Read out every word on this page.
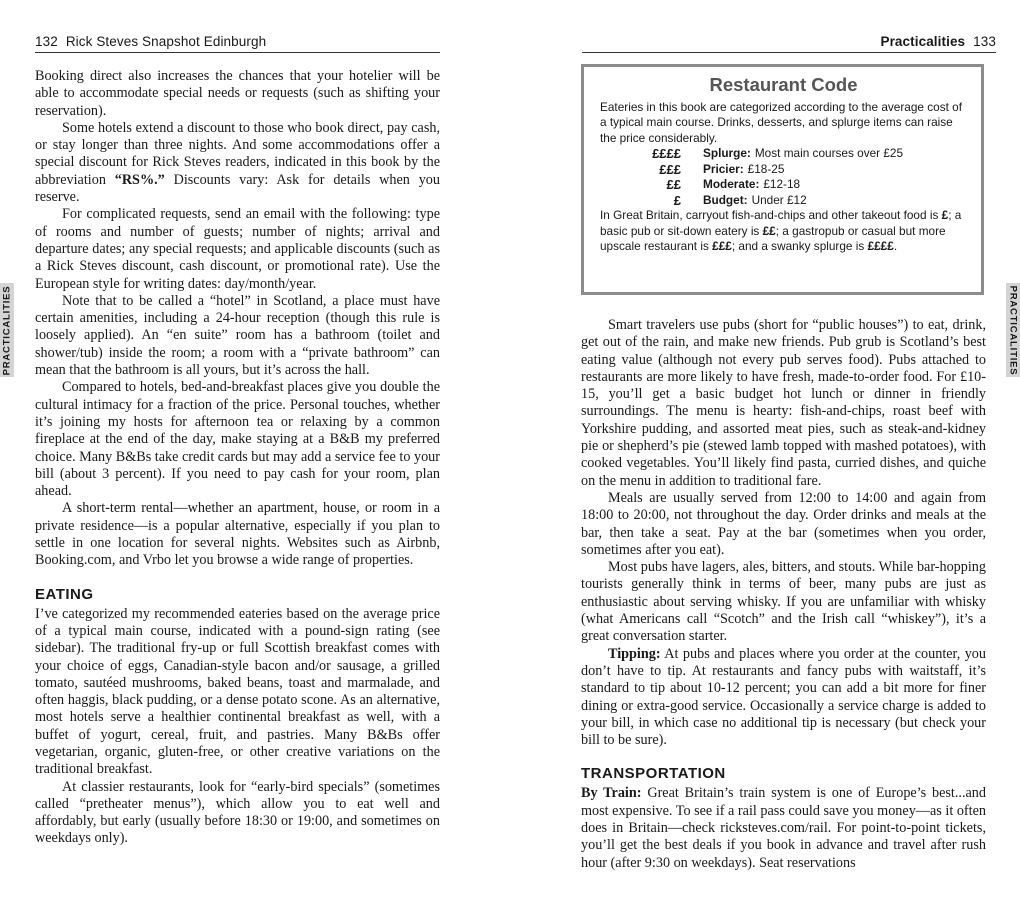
132 Rick Steves Snapshot Edinburgh

Booking direct also increases the chances that your hotelier will be able to accommodate special needs or requests (such as shifting your reservation).

Some hotels extend a discount to those who book direct, pay cash, or stay longer than three nights. And some accommodations offer a special discount for Rick Steves readers, indicated in this book by the abbreviation “RS%.” Discounts vary: Ask for details when you reserve.

For complicated requests, send an email with the following: type of rooms and number of guests; number of nights; arrival and departure dates; any special requests; and applicable discounts (such as a Rick Steves discount, cash discount, or promotional rate). Use the European style for writing dates: day/month/year.

Note that to be called a “hotel” in Scotland, a place must have certain amenities, including a 24-hour reception (though this rule is loosely applied). An “en suite” room has a bathroom (toilet and shower/tub) inside the room; a room with a “private bathroom” can mean that the bathroom is all yours, but it’s across the hall.

Compared to hotels, bed-and-breakfast places give you double the cultural intimacy for a fraction of the price. Personal touches, whether it’s joining my hosts for afternoon tea or relaxing by a common fireplace at the end of the day, make staying at a B&B my preferred choice. Many B&Bs take credit cards but may add a service fee to your bill (about 3 percent). If you need to pay cash for your room, plan ahead.

A short-term rental—whether an apartment, house, or room in a private residence—is a popular alternative, especially if you plan to settle in one location for several nights. Websites such as Airbnb, Booking.com, and Vrbo let you browse a wide range of properties.

EATING

I’ve categorized my recommended eateries based on the average price of a typical main course, indicated with a pound-sign rating (see sidebar). The traditional fry-up or full Scottish breakfast comes with your choice of eggs, Canadian-style bacon and/or sausage, a grilled tomato, sautéed mushrooms, baked beans, toast and marmalade, and often haggis, black pudding, or a dense potato scone. As an alternative, most hotels serve a healthier continental breakfast as well, with a buffet of yogurt, cereal, fruit, and pastries. Many B&Bs offer vegetarian, organic, gluten-free, or other creative variations on the traditional breakfast.

At classier restaurants, look for “early-bird specials” (sometimes called “pretheater menus”), which allow you to eat well and affordably, but early (usually before 18:30 or 19:00, and sometimes on weekdays only).

PRACTICALITIES
Practicalities 133
Restaurant Code

Eateries in this book are categorized according to the average cost of a typical main course. Drinks, desserts, and splurge items can raise the price considerably.

££££	Splurge: Most main courses over £25
£££	Pricier: £18-25
££	Moderate: £12-18
£	Budget: Under £12

In Great Britain, carryout fish-and-chips and other takeout food is £; a basic pub or sit-down eatery is ££; a gastropub or casual but more upscale restaurant is £££; and a swanky splurge is ££££.

Smart travelers use pubs (short for “public houses”) to eat, drink, get out of the rain, and make new friends. Pub grub is Scotland’s best eating value (although not every pub serves food). Pubs attached to restaurants are more likely to have fresh, made-to-order food. For £10-15, you’ll get a basic budget hot lunch or dinner in friendly surroundings. The menu is hearty: fish-and-chips, roast beef with Yorkshire pudding, and assorted meat pies, such as steak-and-kidney pie or shepherd’s pie (stewed lamb topped with mashed potatoes), with cooked vegetables. You’ll likely find pasta, curried dishes, and quiche on the menu in addition to traditional fare.

Meals are usually served from 12:00 to 14:00 and again from 18:00 to 20:00, not throughout the day. Order drinks and meals at the bar, then take a seat. Pay at the bar (sometimes when you order, sometimes after you eat).

Most pubs have lagers, ales, bitters, and stouts. While bar-hopping tourists generally think in terms of beer, many pubs are just as enthusiastic about serving whisky. If you are unfamiliar with whisky (what Americans call “Scotch” and the Irish call “whiskey”), it’s a great conversation starter.

Tipping: At pubs and places where you order at the counter, you don’t have to tip. At restaurants and fancy pubs with waitstaff, it’s standard to tip about 10-12 percent; you can add a bit more for finer dining or extra-good service. Occasionally a service charge is added to your bill, in which case no additional tip is necessary (but check your bill to be sure).

TRANSPORTATION

By Train: Great Britain’s train system is one of Europe’s best...and most expensive. To see if a rail pass could save you money—as it often does in Britain—check ricksteves.com/rail. For point-to-point tickets, you’ll get the best deals if you book in advance and travel after rush hour (after 9:30 on weekdays). Seat reservations

PRACTICALITIES
